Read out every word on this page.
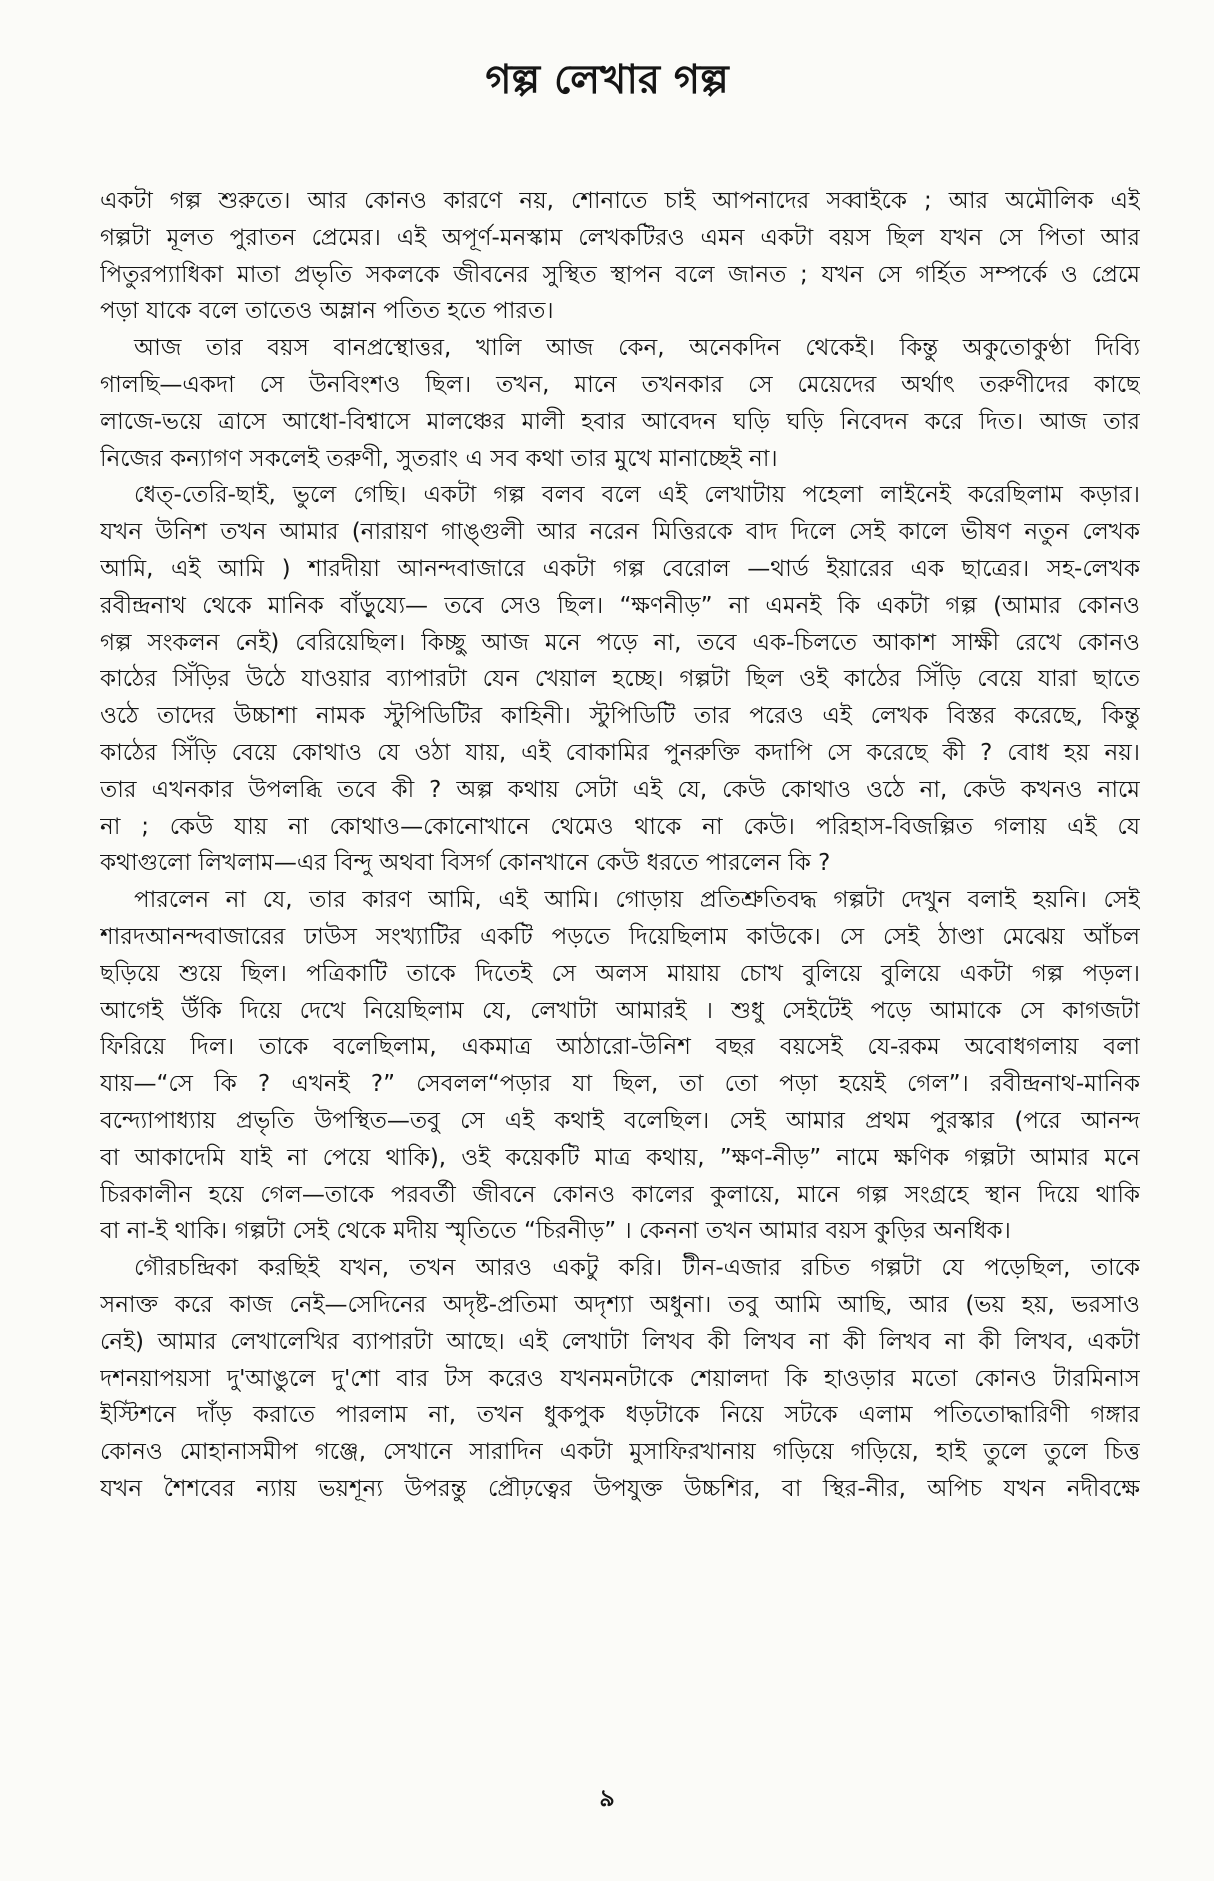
গল্প লেখার গল্প
একটা গল্প শুরুতে। আর কোনও কারণে নয়, শোনাতে চাই আপনাদের সব্বাইকে ; আর অমৌলিক এই
গল্পটা মূলত পুরাতন প্রেমের। এই অপূর্ণ-মনস্কাম লেখকটিরও এমন একটা বয়স ছিল যখন সে পিতা আর
পিতুরপ্যাধিকা মাতা প্রভৃতি সকলকে জীবনের সুস্থিত স্থাপন বলে জানত ; যখন সে গর্হিত সম্পর্কে ও প্রেমে
পড়া যাকে বলে তাতেও অম্লান পতিত হতে পারত।
আজ তার বয়স বানপ্রস্থোত্তর, খালি আজ কেন, অনেকদিন থেকেই। কিন্তু অকুতোকুণ্ঠা দিব্যি
গালছি—একদা সে উনবিংশও ছিল। তখন, মানে তখনকার সে মেয়েদের অর্থাৎ তরুণীদের কাছে
লাজে-ভয়ে ত্রাসে আধো-বিশ্বাসে মালঞ্চের মালী হবার আবেদন ঘড়ি ঘড়ি নিবেদন করে দিত। আজ তার
নিজের কন্যাগণ সকলেই তরুণী, সুতরাং এ সব কথা তার মুখে মানাচ্ছেই না।
ধেত্‌-তেরি-ছাই, ভুলে গেছি। একটা গল্প বলব বলে এই লেখাটায় পহেলা লাইনেই করেছিলাম কড়ার।
যখন উনিশ তখন আমার (নারায়ণ গাঙ্গুলী আর নরেন মিত্তিরকে বাদ দিলে সেই কালে ভীষণ নতুন লেখক
আমি, এই আমি ) শারদীয়া আনন্দবাজারে একটা গল্প বেরোল —থার্ড ইয়ারের এক ছাত্রের। সহ-লেখক
রবীন্দ্রনাথ থেকে মানিক বাঁড়ুয্যে— তবে সেও ছিল। “ক্ষণনীড়” না এমনই কি একটা গল্প (আমার কোনও
গল্প সংকলন নেই) বেরিয়েছিল। কিচ্ছু আজ মনে পড়ে না, তবে এক-চিলতে আকাশ সাক্ষী রেখে কোনও
কাঠের সিঁড়ির উঠে যাওয়ার ব্যাপারটা যেন খেয়াল হচ্ছে। গল্পটা ছিল ওই কাঠের সিঁড়ি বেয়ে যারা ছাতে
ওঠে তাদের উচ্চাশা নামক স্টুপিডিটির কাহিনী। স্টুপিডিটি তার পরেও এই লেখক বিস্তর করেছে, কিন্তু
কাঠের সিঁড়ি বেয়ে কোথাও যে ওঠা যায়, এই বোকামির পুনরুক্তি কদাপি সে করেছে কী ? বোধ হয় নয়।
তার এখনকার উপলব্ধি তবে কী ? অল্প কথায় সেটা এই যে, কেউ কোথাও ওঠে না, কেউ কখনও নামে
না ; কেউ যায় না কোথাও—কোনোখানে থেমেও থাকে না কেউ। পরিহাস-বিজল্পিত গলায় এই যে
কথাগুলো লিখলাম—এর বিন্দু অথবা বিসর্গ কোনখানে কেউ ধরতে পারলেন কি ?
পারলেন না যে, তার কারণ আমি, এই আমি। গোড়ায় প্রতিশ্রুতিবদ্ধ গল্পটা দেখুন বলাই হয়নি। সেই
শারদআনন্দবাজারের ঢাউস সংখ্যাটির একটি পড়তে দিয়েছিলাম কাউকে। সে সেই ঠাণ্ডা মেঝেয় আঁচল
ছড়িয়ে শুয়ে ছিল। পত্রিকাটি তাকে দিতেই সে অলস মায়ায় চোখ বুলিয়ে বুলিয়ে একটা গল্প পড়ল।
আগেই উঁকি দিয়ে দেখে নিয়েছিলাম যে, লেখাটা আমারই । শুধু সেইটেই পড়ে আমাকে সে কাগজটা
ফিরিয়ে দিল। তাকে বলেছিলাম, একমাত্র আঠারো-উনিশ বছর বয়সেই যে-রকম অবোধগলায় বলা
যায়—“সে কি ? এখনই ?” সেবলল“পড়ার যা ছিল, তা তো পড়া হয়েই গেল”। রবীন্দ্রনাথ-মানিক
বন্দ্যোপাধ্যায় প্রভৃতি উপস্থিত—তবু সে এই কথাই বলেছিল। সেই আমার প্রথম পুরস্কার (পরে আনন্দ
বা আকাদেমি যাই না পেয়ে থাকি), ওই কয়েকটি মাত্র কথায়, ”ক্ষণ-নীড়” নামে ক্ষণিক গল্পটা আমার মনে
চিরকালীন হয়ে গেল—তাকে পরবর্তী জীবনে কোনও কালের কুলায়ে, মানে গল্প সংগ্রহে স্থান দিয়ে থাকি
বা না-ই থাকি। গল্পটা সেই থেকে মদীয় স্মৃতিতে “চিরনীড়” । কেননা তখন আমার বয়স কুড়ির অনধিক।
গৌরচন্দ্রিকা করছিই যখন, তখন আরও একটু করি। টীন-এজার রচিত গল্পটা যে পড়েছিল, তাকে
সনাক্ত করে কাজ নেই—সেদিনের অদৃষ্ট-প্রতিমা অদৃশ্যা অধুনা। তবু আমি আছি, আর (ভয় হয়, ভরসাও
নেই) আমার লেখালেখির ব্যাপারটা আছে। এই লেখাটা লিখব কী লিখব না কী লিখব না কী লিখব, একটা
দশনয়াপয়সা দু'আঙুলে দু'শো বার টস করেও যখনমনটাকে শেয়ালদা কি হাওড়ার মতো কোনও টারমিনাস
ইস্টিশনে দাঁড় করাতে পারলাম না, তখন ধুকপুক ধড়টাকে নিয়ে সটকে এলাম পতিতোদ্ধারিণী গঙ্গার
কোনও মোহানাসমীপ গঞ্জে, সেখানে সারাদিন একটা মুসাফিরখানায় গড়িয়ে গড়িয়ে, হাই তুলে তুলে চিত্ত
যখন শৈশবের ন্যায় ভয়শূন্য উপরন্তু প্রৌঢ়ত্বের উপযুক্ত উচ্চশির, বা স্থির-নীর, অপিচ যখন নদীবক্ষে
৯
